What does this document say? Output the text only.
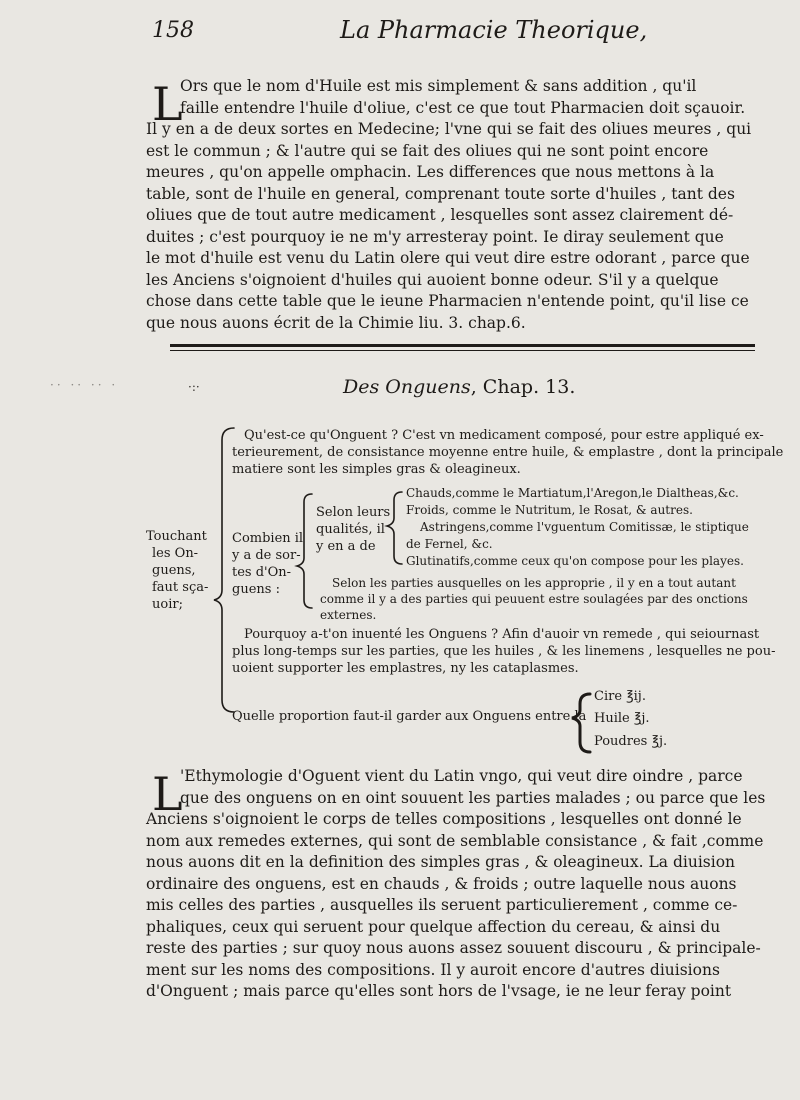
158	La Pharmacie Theorique,
L
Ors que le nom d'Huile est mis simplement & sans addition , qu'il
faille entendre l'huile d'oliue, c'est ce que tout Pharmacien doit sçauoir.
Il y en a de deux sortes en Medecine; l'vne qui se fait des oliues meures , qui
est le commun ; & l'autre qui se fait des oliues qui ne sont point encore
meures , qu'on appelle omphacin. Les differences que nous mettons à la
table, sont de l'huile en general, comprenant toute sorte d'huiles , tant des
oliues que de tout autre medicament , lesquelles sont assez clairement dé-
duites ; c'est pourquoy ie ne m'y arresteray point. Ie diray seulement que
le mot d'huile est venu du Latin olere qui veut dire estre odorant , parce que
les Anciens s'oignoient d'huiles qui auoient bonne odeur. S'il y a quelque
chose dans cette table que le ieune Pharmacien n'entende point, qu'il lise ce
que nous auons écrit de la Chimie liu. 3. chap.6.
·· ·· ·· ·	·:·	Des Onguens, Chap. 13.
Touchant
les On-
guens,
faut sça-
uoir;
Qu'est-ce qu'Onguent ? C'est vn medicament composé, pour estre appliqué ex-
terieurement, de consistance moyenne entre huile, & emplastre , dont la principale
matiere sont les simples gras & oleagineux.
Combien il
y a de sor-
tes d'On-
guens :
Selon leurs
qualités, il
y en a de
Chauds,comme le Martiatum,l'Aregon,le Dialtheas,&c.
Froids, comme le Nutritum, le Rosat, & autres.
Astringens,comme l'vguentum Comitissæ, le stiptique
de Fernel, &c.
Glutinatifs,comme ceux qu'on compose pour les playes.
Selon les parties ausquelles on les approprie , il y en a tout autant
comme il y a des parties qui peuuent estre soulagées par des onctions
externes.
Pourquoy a-t'on inuenté les Onguens ? Afin d'auoir vn remede , qui seiournast
plus long-temps sur les parties, que les huiles , & les linemens , lesquelles ne pou-
uoient supporter les emplastres, ny les cataplasmes.
Quelle proportion faut-il garder aux Onguens entre la
Cire ℥ij.
Huile ℥j.
Poudres ℥j.
L
'Ethymologie d'Oguent vient du Latin vngo, qui veut dire oindre , parce
que des onguens on en oint souuent les parties malades ; ou parce que les
Anciens s'oignoient le corps de telles compositions , lesquelles ont donné le
nom aux remedes externes, qui sont de semblable consistance , & fait ,comme
nous auons dit en la definition des simples gras , & oleagineux. La diuision
ordinaire des onguens, est en chauds , & froids ; outre laquelle nous auons
mis celles des parties , ausquelles ils seruent particulierement , comme ce-
phaliques, ceux qui seruent pour quelque affection du cereau, & ainsi du
reste des parties ; sur quoy nous auons assez souuent discouru , & principale-
ment sur les noms des compositions. Il y auroit encore d'autres diuisions
d'Onguent ; mais parce qu'elles sont hors de l'vsage, ie ne leur feray point
